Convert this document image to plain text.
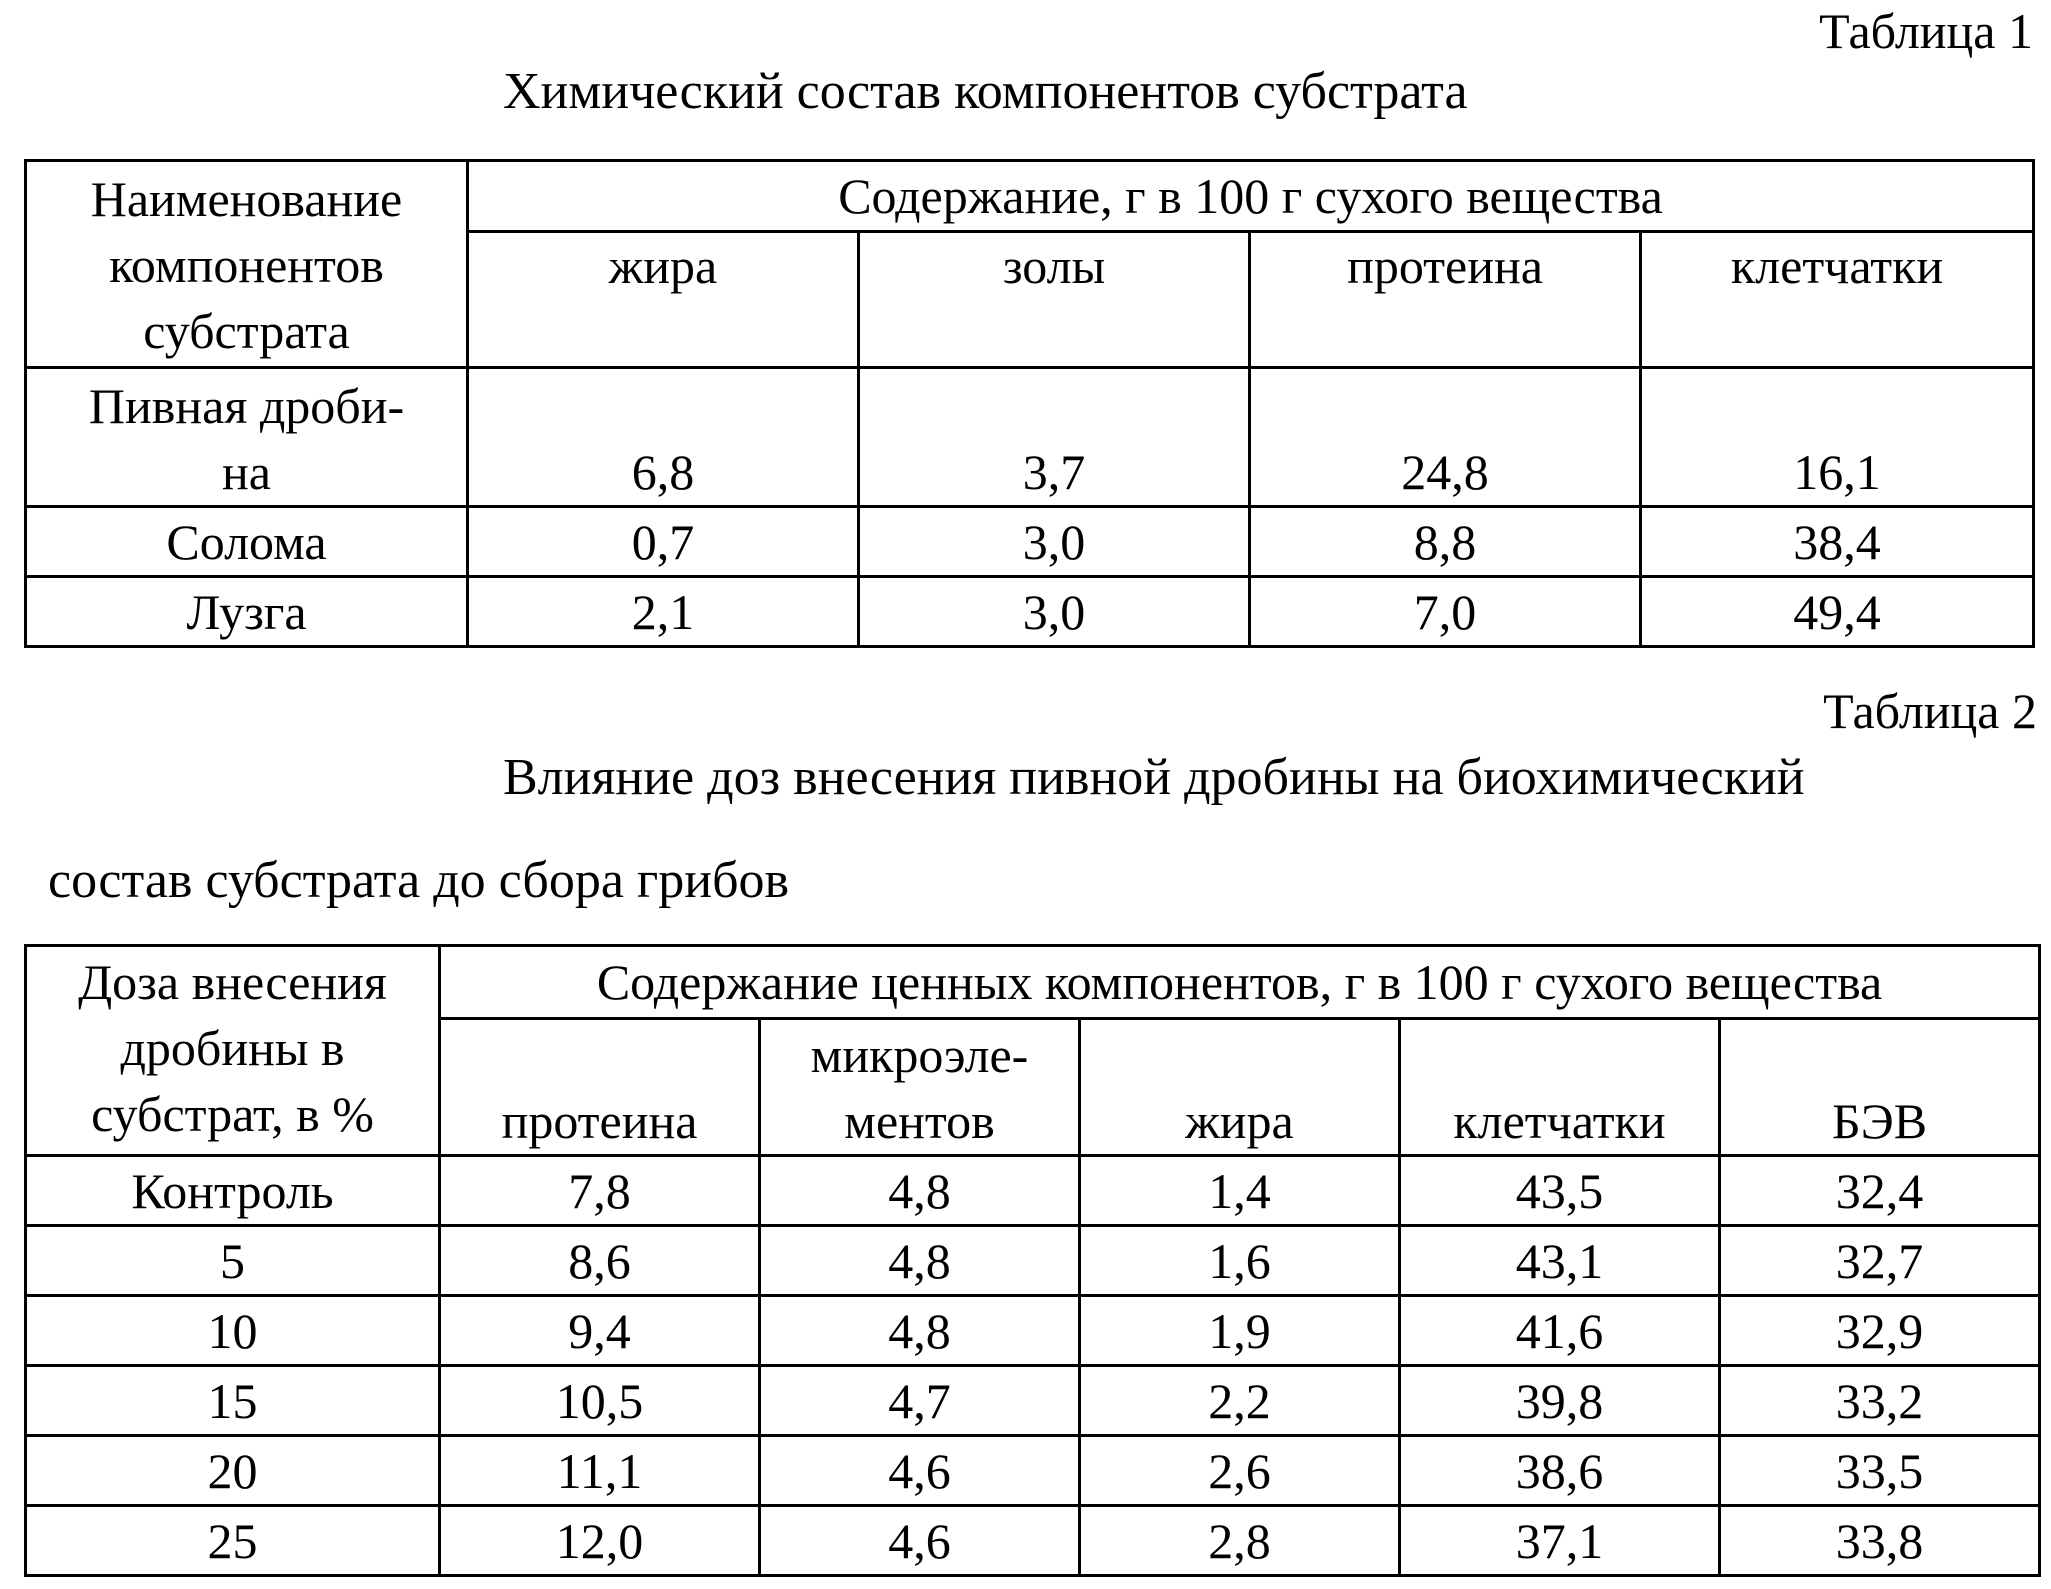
Таблица 1
Химический состав компонентов субстрата
Наименование
компонентов
субстрата	Содержание, г в 100 г сухого вещества			
	жира	золы	протеина	клетчатки

Пивная дроби-
на	6,8	3,7	24,8	16,1
Солома	0,7	3,0	8,8	38,4
Лузга	2,1	3,0	7,0	49,4
Таблица 2
Влияние доз внесения пивной дробины на биохимический
состав субстрата до сбора грибов
Доза внесения
дробины в
субстрат, в %	Содержание ценных компонентов, г в 100 г сухого вещества				
	протеина	микроэле-
ментов	жира	клетчатки	БЭВ
Контроль	7,8	4,8	1,4	43,5	32,4
5	8,6	4,8	1,6	43,1	32,7
10	9,4	4,8	1,9	41,6	32,9
15	10,5	4,7	2,2	39,8	33,2
20	11,1	4,6	2,6	38,6	33,5
25	12,0	4,6	2,8	37,1	33,8
